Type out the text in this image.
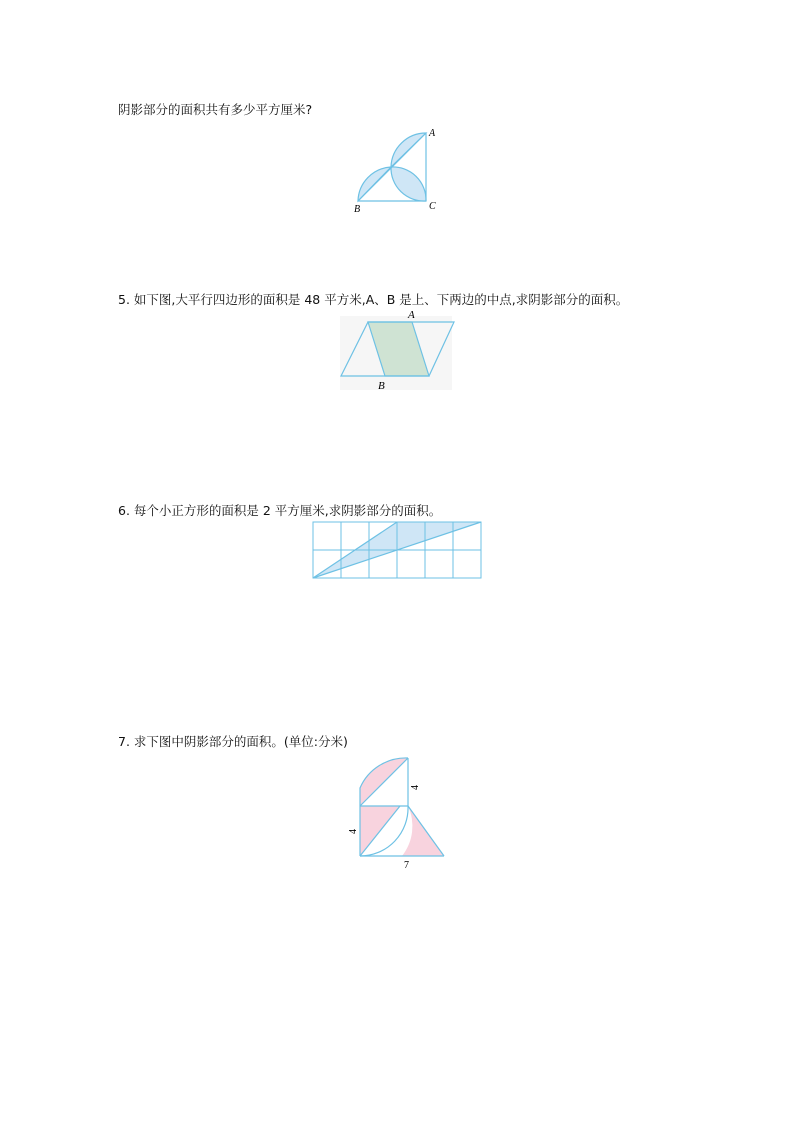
阴影部分的面积共有多少平方厘米?
A
B	C
5. 如下图,大平行四边形的面积是 48 平方米,A、B 是上、下两边的中点,求阴影部分的面积。
A
B
6. 每个小正方形的面积是 2 平方厘米,求阴影部分的面积。
7. 求下图中阴影部分的面积。(单位:分米)
4
4
7
